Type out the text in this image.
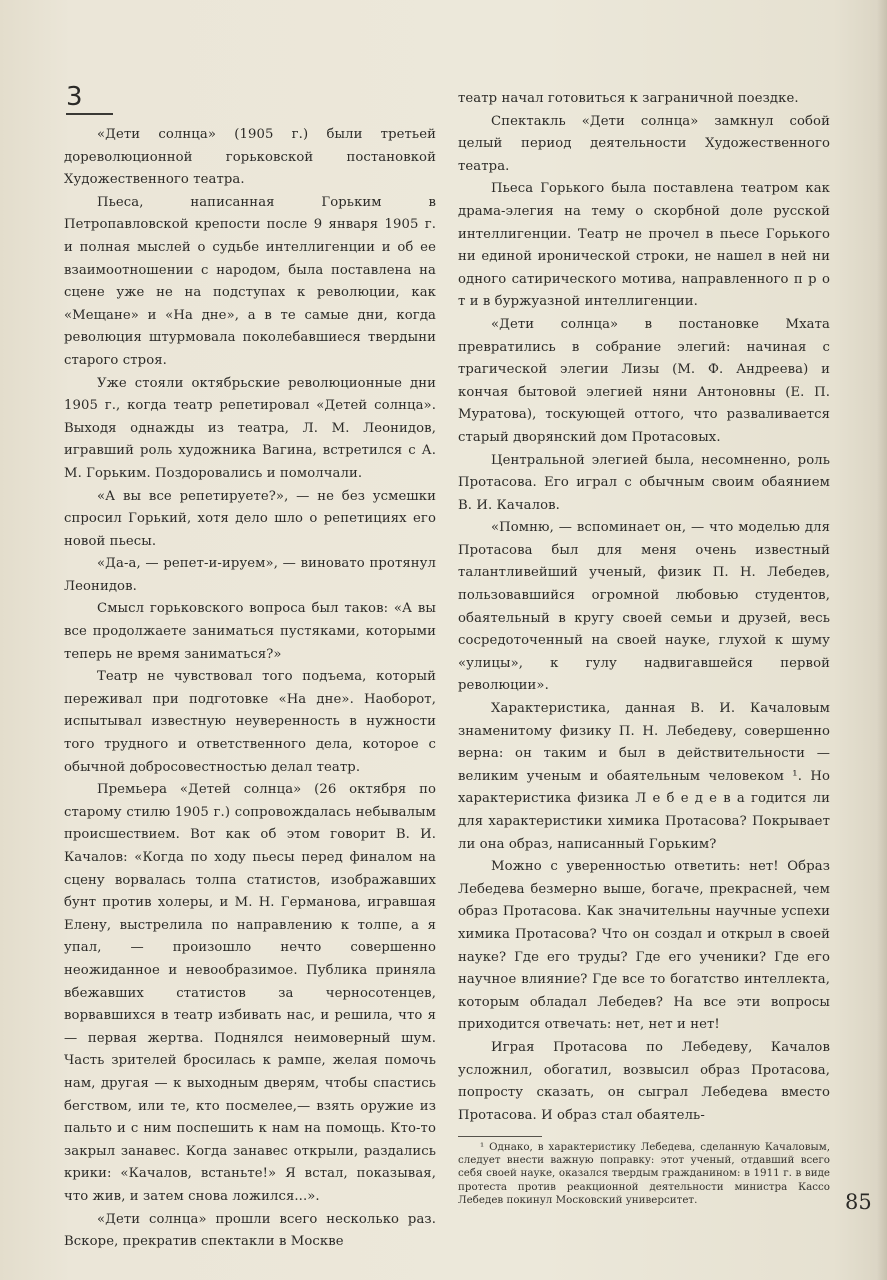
3

«Дети солнца» (1905 г.) были третьей дореволюционной горьковской постановкой Художественного театра.

Пьеса, написанная Горьким в Петропавловской крепости после 9 января 1905 г. и полная мыслей о судьбе интеллигенции и об ее взаимоотношении с народом, была поставлена на сцене уже не на подступах к революции, как «Мещане» и «На дне», а в те самые дни, когда революция штурмовала поколебавшиеся твердыни старого строя.

Уже стояли октябрьские революционные дни 1905 г., когда театр репетировал «Детей солнца». Выходя однажды из театра, Л. М. Леонидов, игравший роль художника Вагина, встретился с А. М. Горьким. Поздоровались и помолчали.

«А вы все репетируете?», — не без усмешки спросил Горький, хотя дело шло о репетициях его новой пьесы.

«Да-а, — репет-и-ируем», — виновато протянул Леонидов.

Смысл горьковского вопроса был таков: «А вы все продолжаете заниматься пустяками, которыми теперь не время заниматься?»

Театр не чувствовал того подъема, который переживал при подготовке «На дне». Наоборот, испытывал известную неуверенность в нужности того трудного и ответственного дела, которое с обычной добросовестностью делал театр.

Премьера «Детей солнца» (26 октября по старому стилю 1905 г.) сопровождалась небывалым происшествием. Вот как об этом говорит В. И. Качалов: «Когда по ходу пьесы перед финалом на сцену ворвалась толпа статистов, изображавших бунт против холеры, и М. Н. Германова, игравшая Елену, выстрелила по направлению к толпе, а я упал, — произошло нечто совершенно неожиданное и невообразимое. Публика приняла вбежавших статистов за черносотенцев, ворвавшихся в театр избивать нас, и решила, что я — первая жертва. Поднялся неимоверный шум. Часть зрителей бросилась к рампе, желая помочь нам, другая — к выходным дверям, чтобы спастись бегством, или те, кто посмелее,— взять оружие из пальто и с ним поспешить к нам на помощь. Кто-то закрыл занавес. Когда занавес открыли, раздались крики: «Качалов, встаньте!» Я встал, показывая, что жив, и затем снова ложился...».

«Дети солнца» прошли всего несколько раз. Вскоре, прекратив спектакли в Москве

театр начал готовиться к заграничной поездке.

Спектакль «Дети солнца» замкнул собой целый период деятельности Художественного театра.

Пьеса Горького была поставлена театром как драма-элегия на тему о скорбной доле русской интеллигенции. Театр не прочел в пьесе Горького ни единой иронической строки, не нашел в ней ни одного сатирического мотива, направленного п р о т и в буржуазной интеллигенции.

«Дети солнца» в постановке Мхата превратились в собрание элегий: начиная с трагической элегии Лизы (М. Ф. Андреева) и кончая бытовой элегией няни Антоновны (Е. П. Муратова), тоскующей оттого, что разваливается старый дворянский дом Протасовых.

Центральной элегией была, несомненно, роль Протасова. Его играл с обычным своим обаянием В. И. Качалов.

«Помню, — вспоминает он, — что моделью для Протасова был для меня очень известный талантливейший ученый, физик П. Н. Лебедев, пользовавшийся огромной любовью студентов, обаятельный в кругу своей семьи и друзей, весь сосредоточенный на своей науке, глухой к шуму «улицы», к гулу надвигавшейся первой революции».

Характеристика, данная В. И. Качаловым знаменитому физику П. Н. Лебедеву, совершенно верна: он таким и был в действительности — великим ученым и обаятельным человеком ¹. Но характеристика физика Л е б е д е в а годится ли для характеристики химика Протасова? Покрывает ли она образ, написанный Горьким?

Можно с уверенностью ответить: нет! Образ Лебедева безмерно выше, богаче, прекрасней, чем образ Протасова. Как значительны научные успехи химика Протасова? Что он создал и открыл в своей науке? Где его труды? Где его ученики? Где его научное влияние? Где все то богатство интеллекта, которым обладал Лебедев? На все эти вопросы приходится отвечать: нет, нет и нет!

Играя Протасова по Лебедеву, Качалов усложнил, обогатил, возвысил образ Протасова, попросту сказать, он сыграл Лебедева вместо Протасова. И образ стал обаятель-

¹ Однако, в характеристику Лебедева, сделанную Качаловым, следует внести важную поправку: этот ученый, отдавший всего себя своей науке, оказался твердым гражданином: в 1911 г. в виде протеста против реакционной деятельности министра Кассо Лебедев покинул Московский университет.	85
